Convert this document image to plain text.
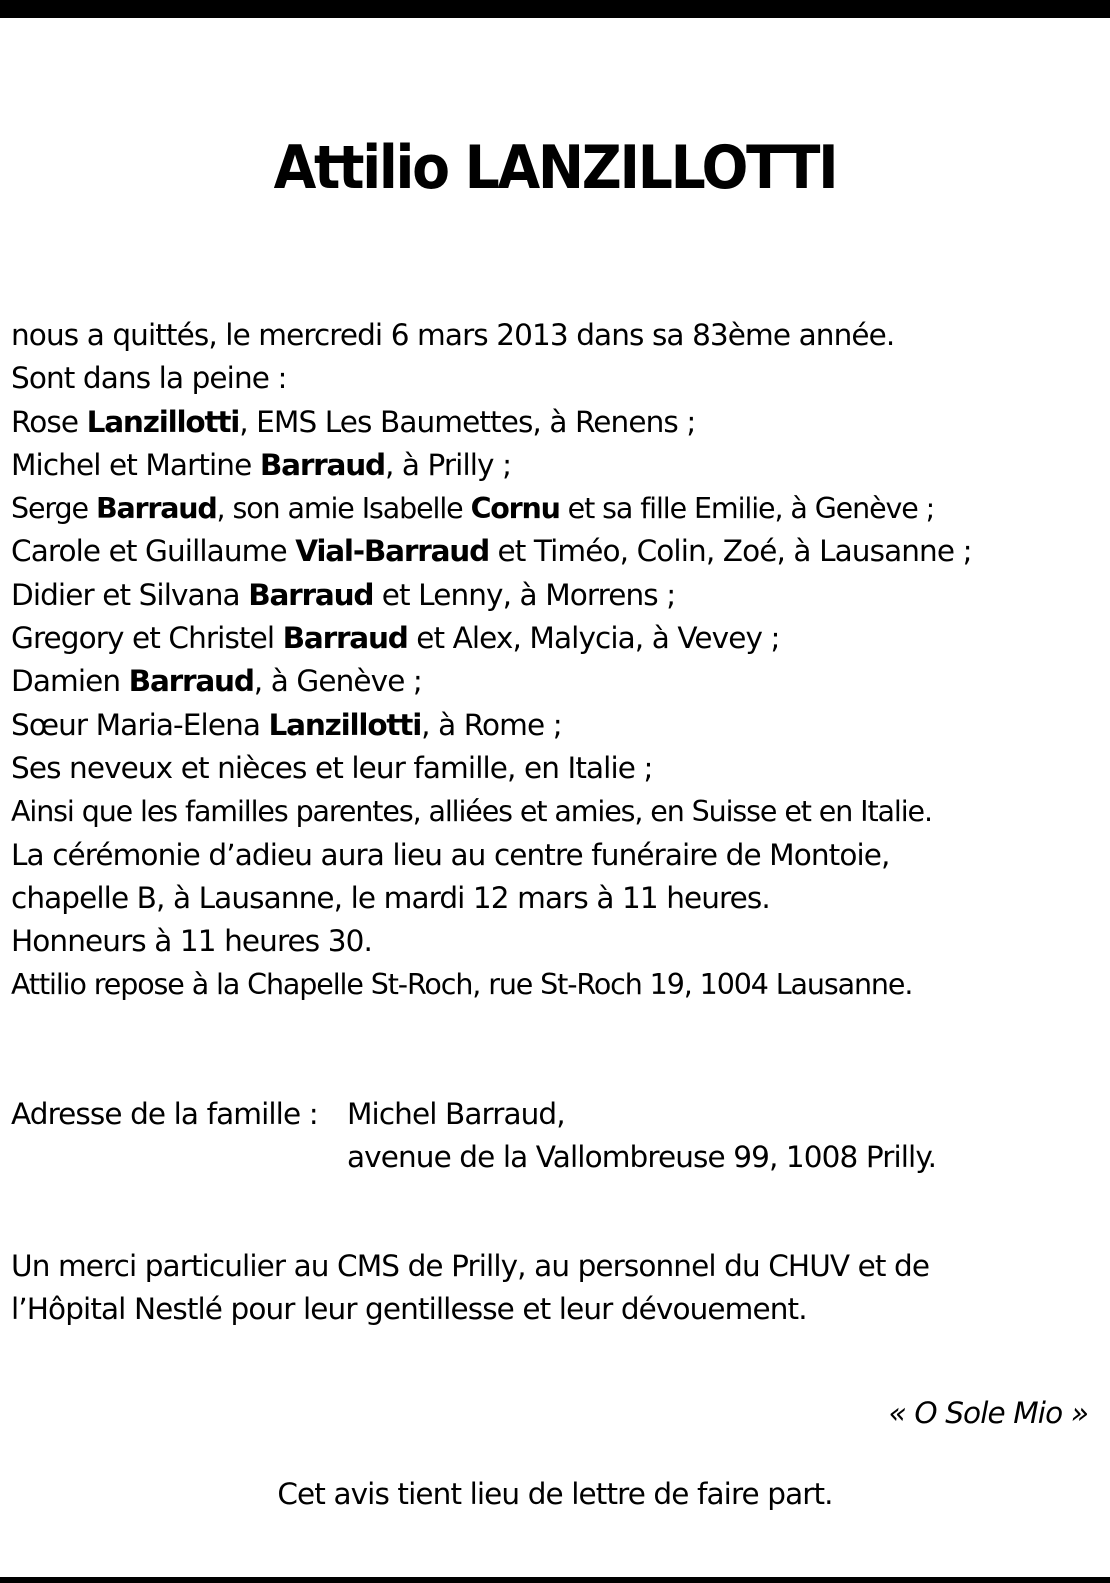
Attilio LANZILLOTTI
nous a quittés, le mercredi 6 mars 2013 dans sa 83ème année.
Sont dans la peine :
Rose Lanzillotti, EMS Les Baumettes, à Renens ;
Michel et Martine Barraud, à Prilly ;
Serge Barraud, son amie Isabelle Cornu et sa fille Emilie, à Genève ;
Carole et Guillaume Vial-Barraud et Timéo, Colin, Zoé, à Lausanne ;
Didier et Silvana Barraud et Lenny, à Morrens ;
Gregory et Christel Barraud et Alex, Malycia, à Vevey ;
Damien Barraud, à Genève ;
Sœur Maria-Elena Lanzillotti, à Rome ;
Ses neveux et nièces et leur famille, en Italie ;
Ainsi que les familles parentes, alliées et amies, en Suisse et en Italie.
La cérémonie d’adieu aura lieu au centre funéraire de Montoie,
chapelle B, à Lausanne, le mardi 12 mars à 11 heures.
Honneurs à 11 heures 30.
Attilio repose à la Chapelle St-Roch, rue St-Roch 19, 1004 Lausanne.
Adresse de la famille : Michel Barraud,
avenue de la Vallombreuse 99, 1008 Prilly.
Un merci particulier au CMS de Prilly, au personnel du CHUV et de
l’Hôpital Nestlé pour leur gentillesse et leur dévouement.
« O Sole Mio »
Cet avis tient lieu de lettre de faire part.
